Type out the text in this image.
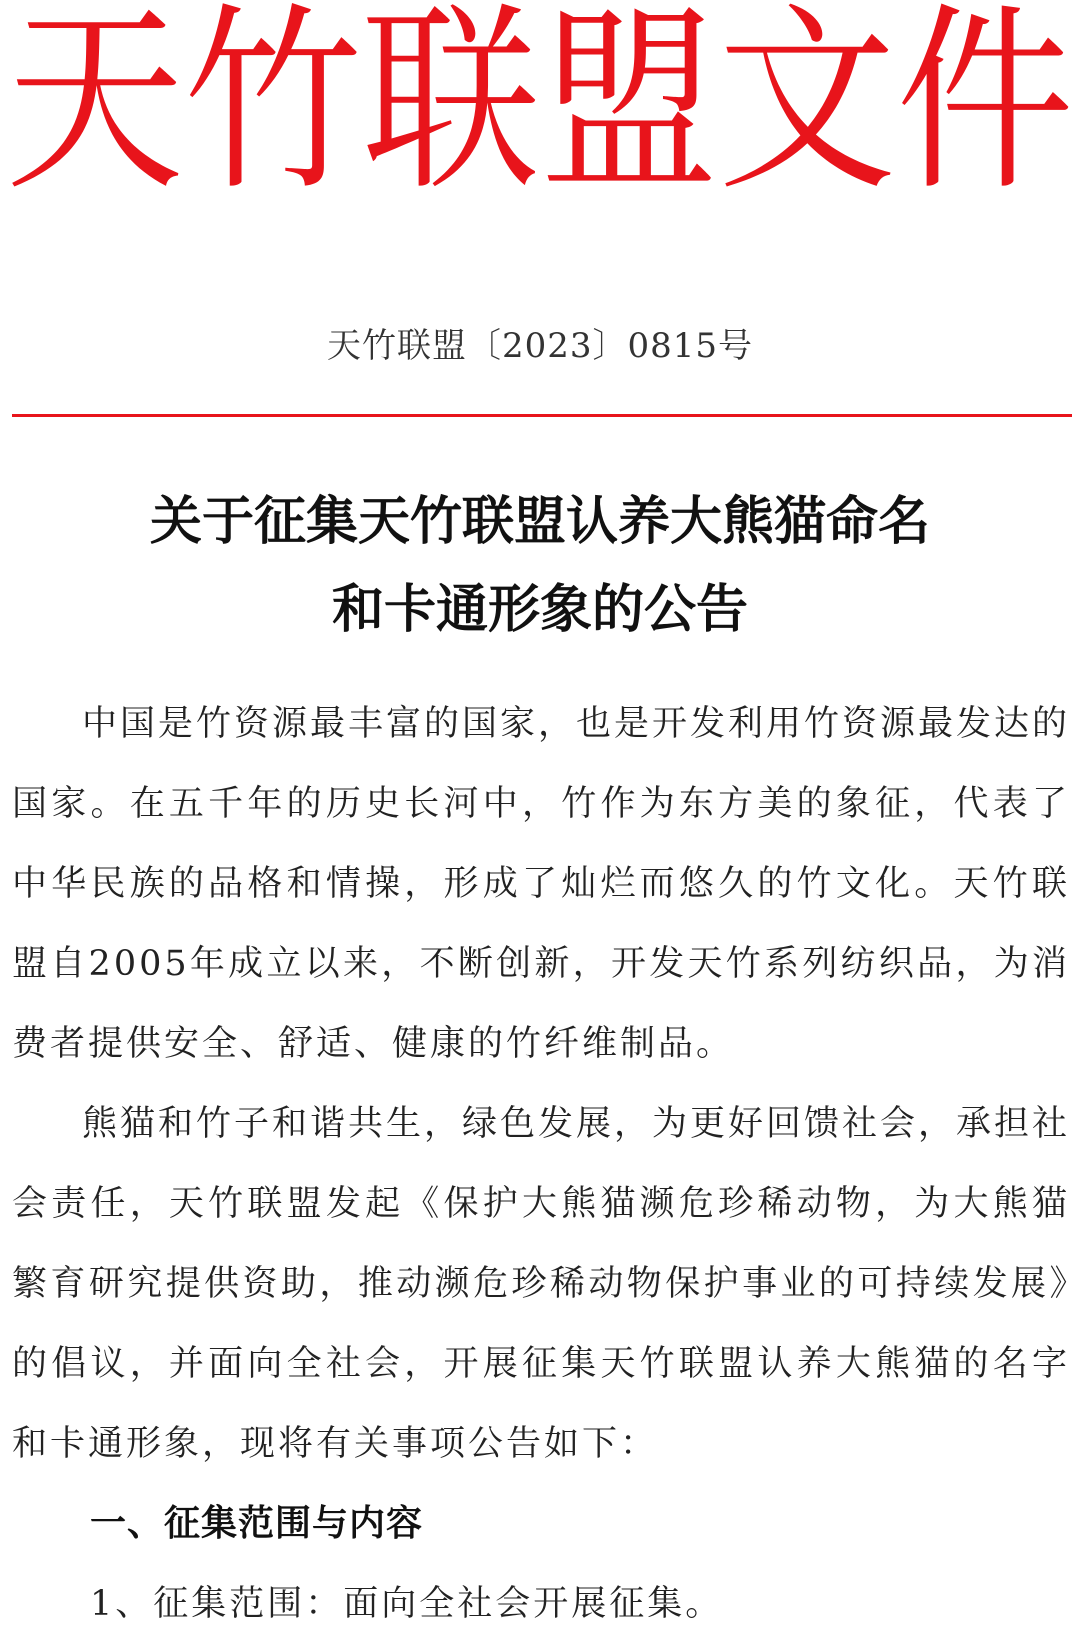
天 竹 联 盟 文 件
天竹联盟〔2023〕0815号
关于征集天竹联盟认养大熊猫命名
和卡通形象的公告

中国是竹资源最丰富的国家，也是开发利用竹资源最发达的国家。在五千年的历史长河中，竹作为东方美的象征，代表了中华民族的品格和情操，形成了灿烂而悠久的竹文化。天竹联盟自2005年成立以来，不断创新，开发天竹系列纺织品，为消费者提供安全、舒适、健康的竹纤维制品。

熊猫和竹子和谐共生，绿色发展，为更好回馈社会，承担社会责任，天竹联盟发起《保护大熊猫濒危珍稀动物，为大熊猫繁育研究提供资助，推动濒危珍稀动物保护事业的可持续发展》的倡议，并面向全社会，开展征集天竹联盟认养大熊猫的名字和卡通形象，现将有关事项公告如下：

一、征集范围与内容

1、征集范围：面向全社会开展征集。
